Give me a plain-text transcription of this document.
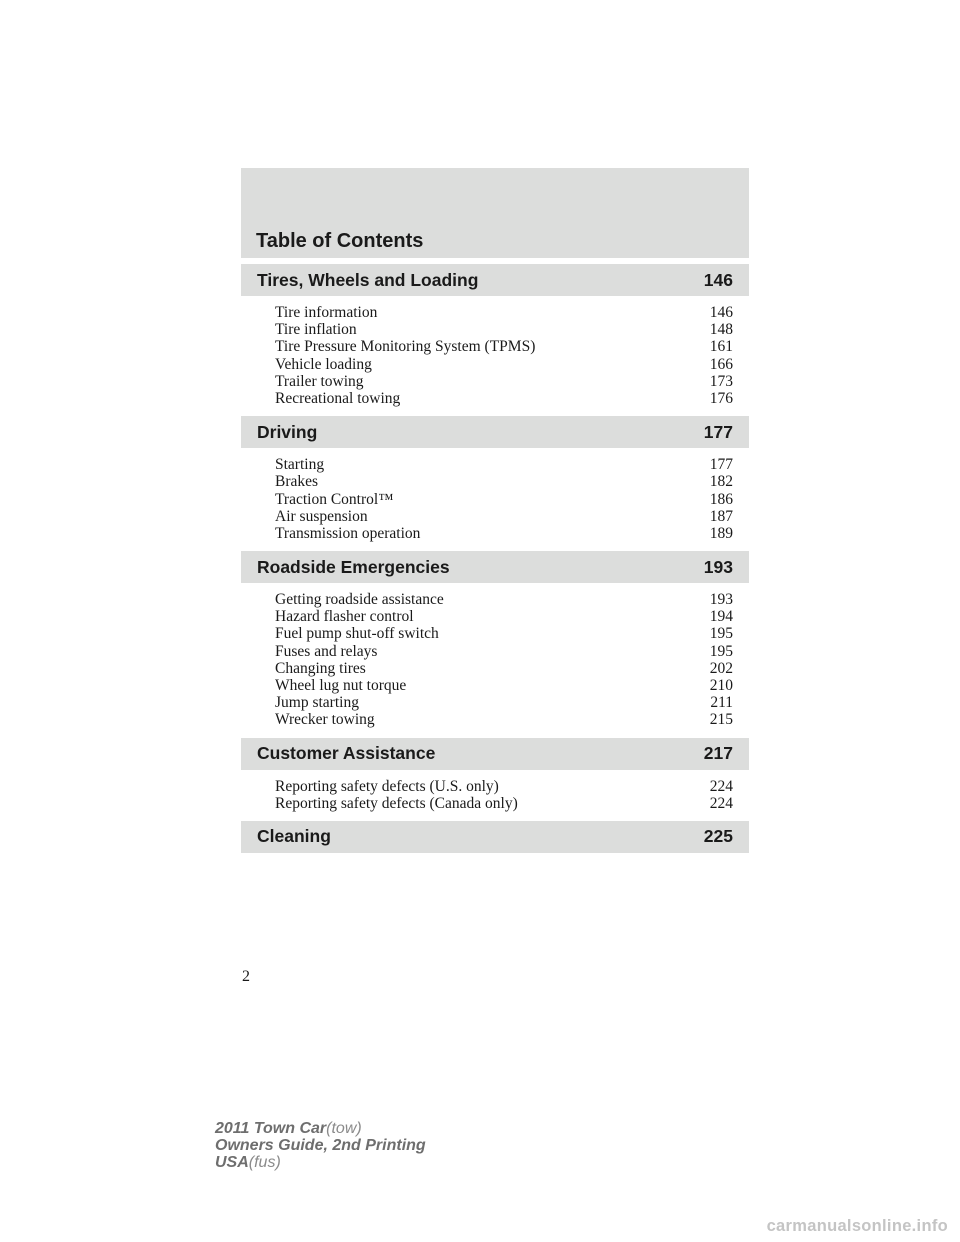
Table of Contents
Tires, Wheels and Loading	146
Tire information	146
Tire inflation	148
Tire Pressure Monitoring System (TPMS)	161
Vehicle loading	166
Trailer towing	173
Recreational towing	176
Driving	177
Starting	177
Brakes	182
Traction Control™	186
Air suspension	187
Transmission operation	189
Roadside Emergencies	193
Getting roadside assistance	193
Hazard flasher control	194
Fuel pump shut-off switch	195
Fuses and relays	195
Changing tires	202
Wheel lug nut torque	210
Jump starting	211
Wrecker towing	215
Customer Assistance	217
Reporting safety defects (U.S. only)	224
Reporting safety defects (Canada only)	224
Cleaning	225
2
2011 Town Car(tow)
Owners Guide, 2nd Printing
USA(fus)
carmanualsonline.info
